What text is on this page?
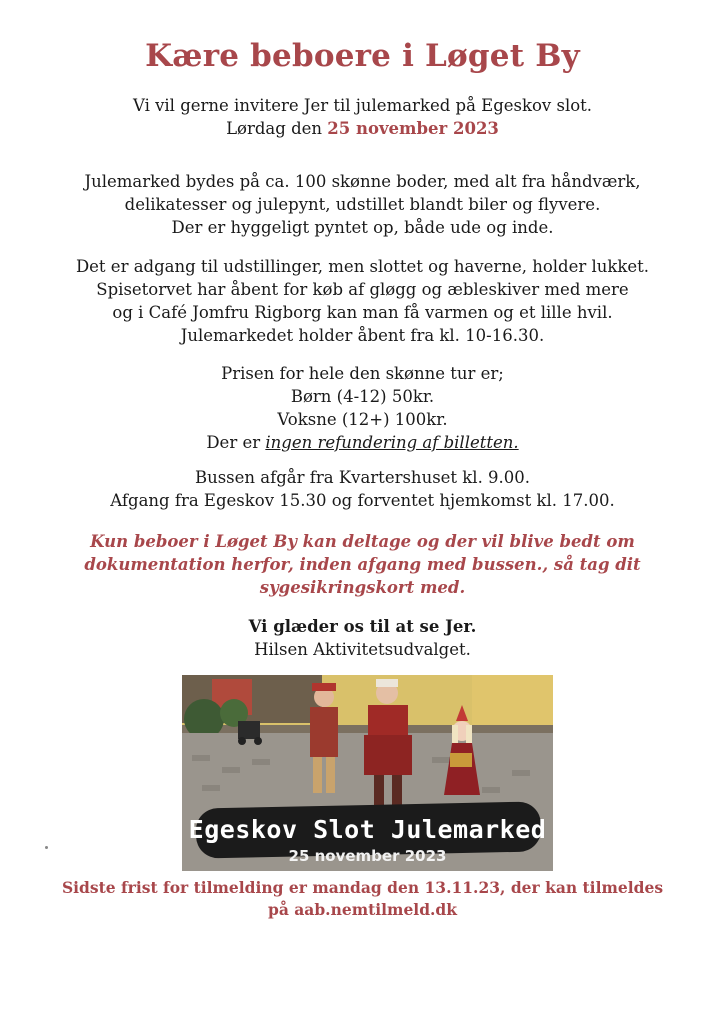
Kære beboere i Løget By
Vi vil gerne invitere Jer til julemarked på Egeskov slot.
Lørdag den 25 november 2023
Julemarked bydes på ca. 100 skønne boder, med alt fra håndværk,
delikatesser og julepynt, udstillet blandt biler og flyvere.
Der er hyggeligt pyntet op, både ude og inde.
Det er adgang til udstillinger, men slottet og haverne, holder lukket.
Spisetorvet har åbent for køb af gløgg og æbleskiver med mere
og i Café Jomfru Rigborg kan man få varmen og et lille hvil.
Julemarkedet holder åbent fra kl. 10-16.30.
Prisen for hele den skønne tur er;
Børn (4-12) 50kr.
Voksne (12+) 100kr.
Der er ingen refundering af billetten.
Bussen afgår fra Kvartershuset kl. 9.00.
Afgang fra Egeskov 15.30 og forventet hjemkomst kl. 17.00.
Kun beboer i Løget By kan deltage og der vil blive bedt om
dokumentation herfor, inden afgang med bussen., så tag dit
sygesikringskort med.
Vi glæder os til at se Jer.
Hilsen Aktivitetsudvalget.
Egeskov Slot Julemarked
25 november 2023
Sidste frist for tilmelding er mandag den 13.11.23, der kan tilmeldes
på aab.nemtilmeld.dk
